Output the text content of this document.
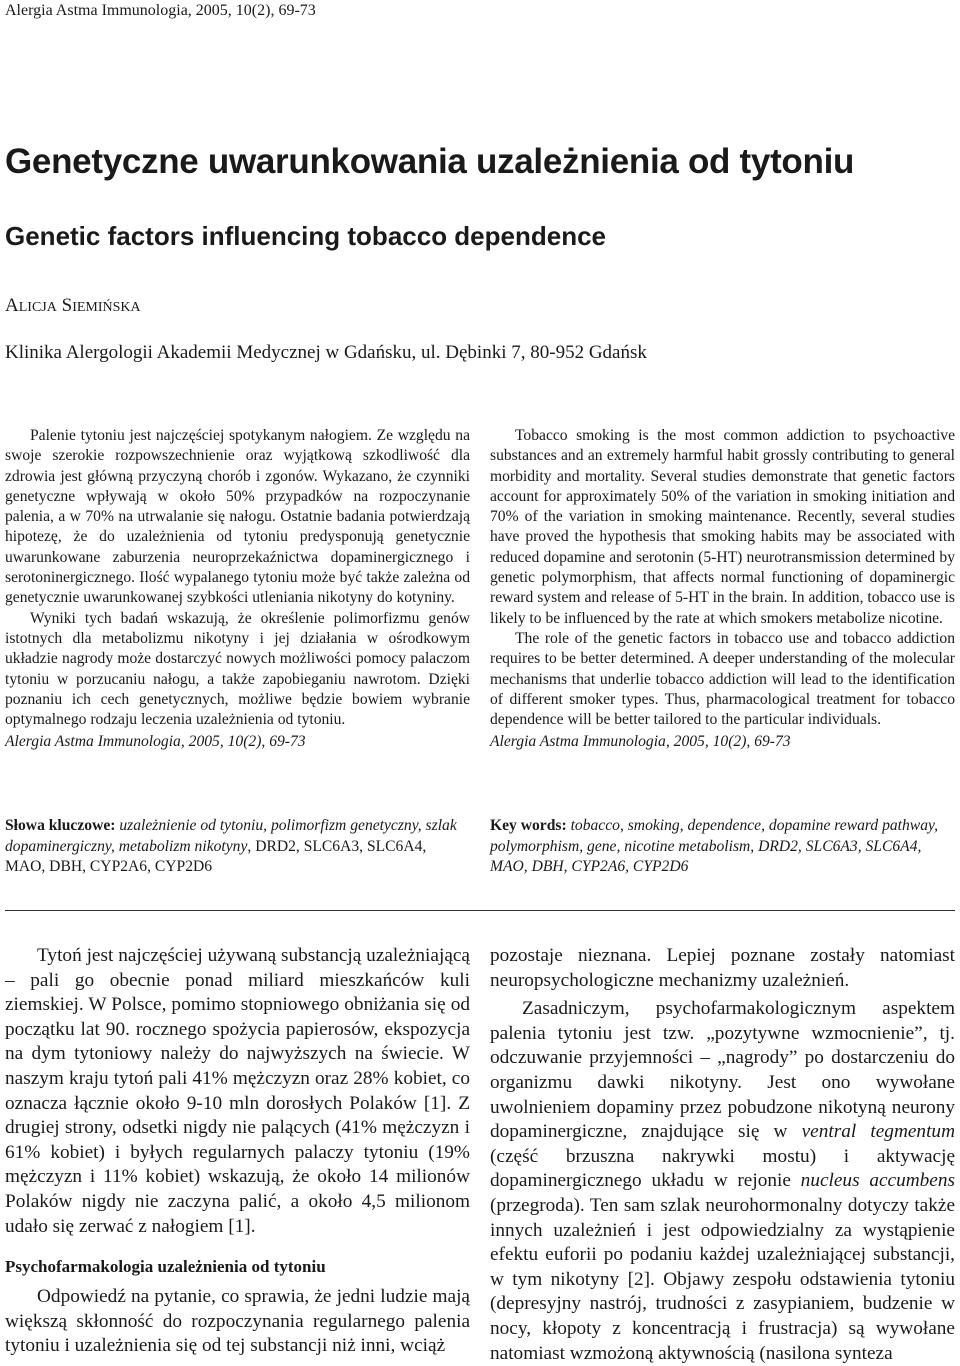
Alergia Astma Immunologia, 2005, 10(2), 69-73
Genetyczne uwarunkowania uzależnienia od tytoniu
Genetic factors influencing tobacco dependence
ALICJA SIEMIŃSKA
Klinika Alergologii Akademii Medycznej w Gdańsku, ul. Dębinki 7, 80-952 Gdańsk

Palenie tytoniu jest najczęściej spotykanym nałogiem. Ze względu na swoje szerokie rozpowszechnienie oraz wyjątkową szkodliwość dla zdrowia jest główną przyczyną chorób i zgonów. Wykazano, że czynniki genetyczne wpływają w około 50% przypadków na rozpoczynanie palenia, a w 70% na utrwalanie się nałogu. Ostatnie badania potwierdzają hipotezę, że do uzależnienia od tytoniu predysponują genetycznie uwarunkowane zaburzenia neuroprzekaźnictwa dopaminergicznego i serotoninergicznego. Ilość wypalanego tytoniu może być także zależna od genetycznie uwarunkowanej szybkości utleniania nikotyny do kotyniny.

Wyniki tych badań wskazują, że określenie polimorfizmu genów istotnych dla metabolizmu nikotyny i jej działania w ośrodkowym układzie nagrody może dostarczyć nowych możliwości pomocy palaczom tytoniu w porzucaniu nałogu, a także zapobieganiu nawrotom. Dzięki poznaniu ich cech genetycznych, możliwe będzie bowiem wybranie optymalnego rodzaju leczenia uzależnienia od tytoniu.

Alergia Astma Immunologia, 2005, 10(2), 69-73

Tobacco smoking is the most common addiction to psychoactive substances and an extremely harmful habit grossly contributing to general morbidity and mortality. Several studies demonstrate that genetic factors account for approximately 50% of the variation in smoking initiation and 70% of the variation in smoking maintenance. Recently, several studies have proved the hypothesis that smoking habits may be associated with reduced dopamine and serotonin (5-HT) neurotransmission determined by genetic polymorphism, that affects normal functioning of dopaminergic reward system and release of 5-HT in the brain. In addition, tobacco use is likely to be influenced by the rate at which smokers metabolize nicotine.

The role of the genetic factors in tobacco use and tobacco addiction requires to be better determined. A deeper understanding of the molecular mechanisms that underlie tobacco addiction will lead to the identification of different smoker types. Thus, pharmacological treatment for tobacco dependence will be better tailored to the particular individuals.

Alergia Astma Immunologia, 2005, 10(2), 69-73
Słowa kluczowe: uzależnienie od tytoniu, polimorfizm genetyczny, szlak dopaminergiczny, metabolizm nikotyny, DRD2, SLC6A3, SLC6A4, MAO, DBH, CYP2A6, CYP2D6
Key words: tobacco, smoking, dependence, dopamine reward pathway, polymorphism, gene, nicotine metabolism, DRD2, SLC6A3, SLC6A4, MAO, DBH, CYP2A6, CYP2D6

Tytoń jest najczęściej używaną substancją uzależniającą – pali go obecnie ponad miliard mieszkańców kuli ziemskiej. W Polsce, pomimo stopniowego obniżania się od początku lat 90. rocznego spożycia papierosów, ekspozycja na dym tytoniowy należy do najwyższych na świecie. W naszym kraju tytoń pali 41% mężczyzn oraz 28% kobiet, co oznacza łącznie około 9-10 mln dorosłych Polaków [1]. Z drugiej strony, odsetki nigdy nie palących (41% mężczyzn i 61% kobiet) i byłych regularnych palaczy tytoniu (19% mężczyzn i 11% kobiet) wskazują, że około 14 milionów Polaków nigdy nie zaczyna palić, a około 4,5 milionom udało się zerwać z nałogiem [1].

Psychofarmakologia uzależnienia od tytoniu

Odpowiedź na pytanie, co sprawia, że jedni ludzie mają większą skłonność do rozpoczynania regularnego palenia tytoniu i uzależnienia się od tej substancji niż inni, wciąż

pozostaje nieznana. Lepiej poznane zostały natomiast neuropsychologiczne mechanizmy uzależnień.

Zasadniczym, psychofarmakologicznym aspektem palenia tytoniu jest tzw. „pozytywne wzmocnienie”, tj. odczuwanie przyjemności – „nagrody” po dostarczeniu do organizmu dawki nikotyny. Jest ono wywołane uwolnieniem dopaminy przez pobudzone nikotyną neurony dopaminergiczne, znajdujące się w ventral tegmentum (część brzuszna nakrywki mostu) i aktywację dopaminergicznego układu w rejonie nucleus accumbens (przegroda). Ten sam szlak neurohormonalny dotyczy także innych uzależnień i jest odpowiedzialny za wystąpienie efektu euforii po podaniu każdej uzależniającej substancji, w tym nikotyny [2]. Objawy zespołu odstawienia tytoniu (depresyjny nastrój, trudności z zasypianiem, budzenie w nocy, kłopoty z koncentracją i frustracja) są wywołane natomiast wzmożoną aktywnością (nasilona synteza
